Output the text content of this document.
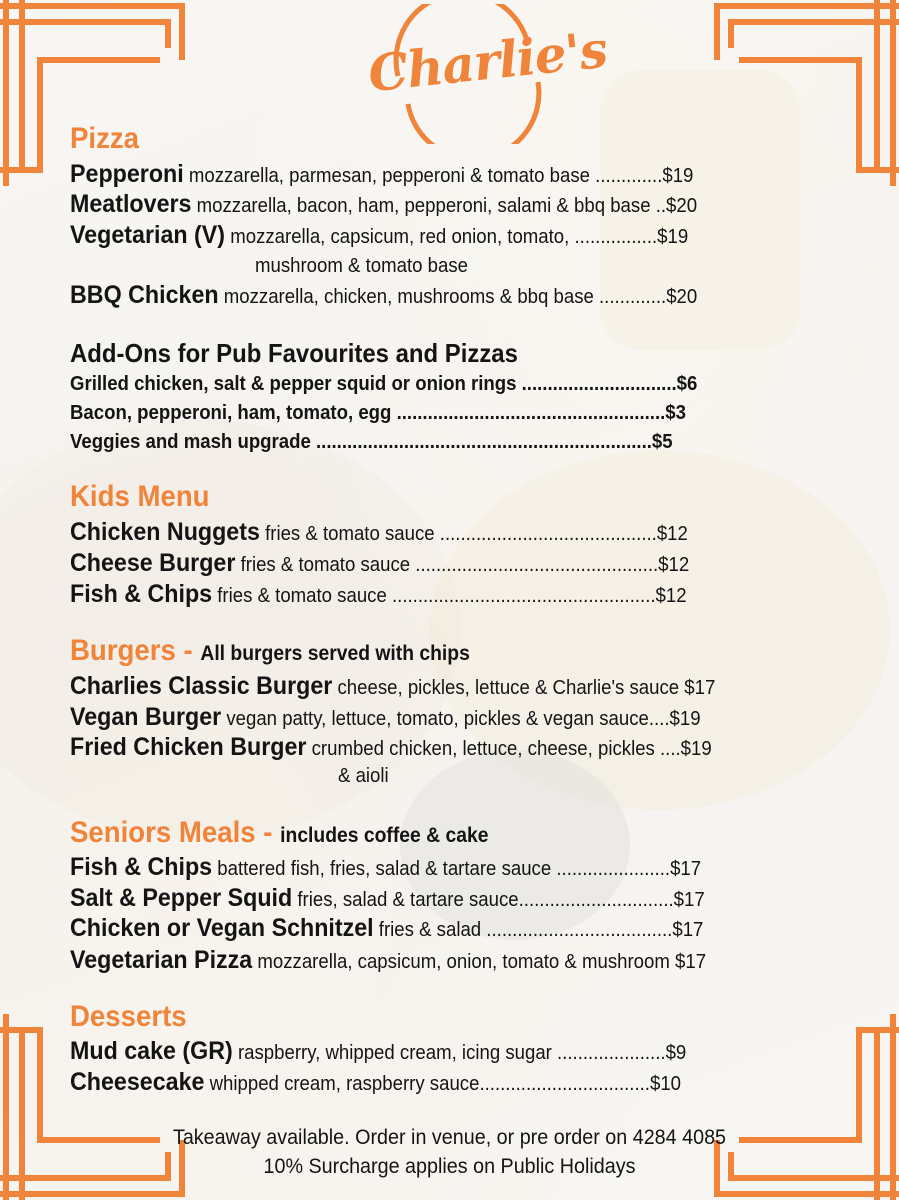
Charlie's
Pizza
Pepperoni mozzarella, parmesan, pepperoni & tomato base .............$19
Meatlovers mozzarella, bacon, ham, pepperoni, salami & bbq base ..$20
Vegetarian (V) mozzarella, capsicum, red onion, tomato, ................$19
mushroom & tomato base
BBQ Chicken mozzarella, chicken, mushrooms & bbq base .............$20
Add-Ons for Pub Favourites and Pizzas
Grilled chicken, salt & pepper squid or onion rings ..............................$6
Bacon, pepperoni, ham, tomato, egg ....................................................$3
Veggies and mash upgrade .................................................................$5
Kids Menu
Chicken Nuggets fries & tomato sauce ..........................................$12
Cheese Burger fries & tomato sauce ...............................................$12
Fish & Chips fries & tomato sauce ...................................................$12
Burgers - All burgers served with chips
Charlies Classic Burger cheese, pickles, lettuce & Charlie's sauce $17
Vegan Burger vegan patty, lettuce, tomato, pickles & vegan sauce....$19
Fried Chicken Burger crumbed chicken, lettuce, cheese, pickles ....$19
& aioli
Seniors Meals - includes coffee & cake
Fish & Chips battered fish, fries, salad & tartare sauce ......................$17
Salt & Pepper Squid fries, salad & tartare sauce..............................$17
Chicken or Vegan Schnitzel fries & salad ....................................$17
Vegetarian Pizza mozzarella, capsicum, onion, tomato & mushroom $17
Desserts
Mud cake (GR) raspberry, whipped cream, icing sugar .....................$9
Cheesecake whipped cream, raspberry sauce.................................$10
Takeaway available. Order in venue, or pre order on 4284 4085
10% Surcharge applies on Public Holidays
